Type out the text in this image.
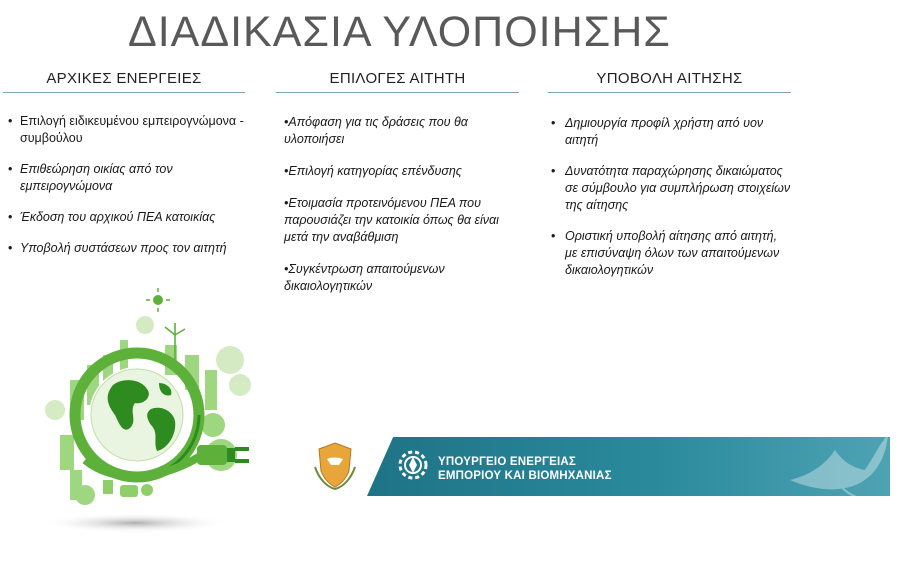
ΔΙΑΔΙΚΑΣΙΑ ΥΛΟΠΟΙΗΣΗΣ
ΑΡΧΙΚΕΣ ΕΝΕΡΓΕΙΕΣ
• Επιλογή ειδικευμένου εμπειρογνώμονα - συμβούλου
• Επιθεώρηση οικίας από τον εμπειρογνώμονα
• Έκδοση του αρχικού ΠΕΑ κατοικίας
• Υποβολή συστάσεων προς τον αιτητή
ΕΠΙΛΟΓΕΣ ΑΙΤΗΤΗ

•Απόφαση για τις δράσεις που θα υλοποιήσει

•Επιλογή κατηγορίας επένδυσης

•Ετοιμασία προτεινόμενου ΠΕΑ που παρουσιάζει την κατοικία όπως θα είναι μετά την αναβάθμιση

•Συγκέντρωση απαιτούμενων δικαιολογητικών

ΥΠΟΒΟΛΗ ΑΙΤΗΣΗΣ
• Δημιουργία προφίλ χρήστη από υον αιτητή
• Δυνατότητα παραχώρησης δικαιώματος σε σύμβουλο για συμπλήρωση στοιχείων της αίτησης
• Οριστική υποβολή αίτησης από αιτητή, με επισύναψη όλων των απαιτούμενων δικαιολογητικών
ΥΠΟΥΡΓΕΙΟ ΕΝΕΡΓΕΙΑΣ
ΕΜΠΟΡΙΟΥ ΚΑΙ ΒΙΟΜΗΧΑΝΙΑΣ
